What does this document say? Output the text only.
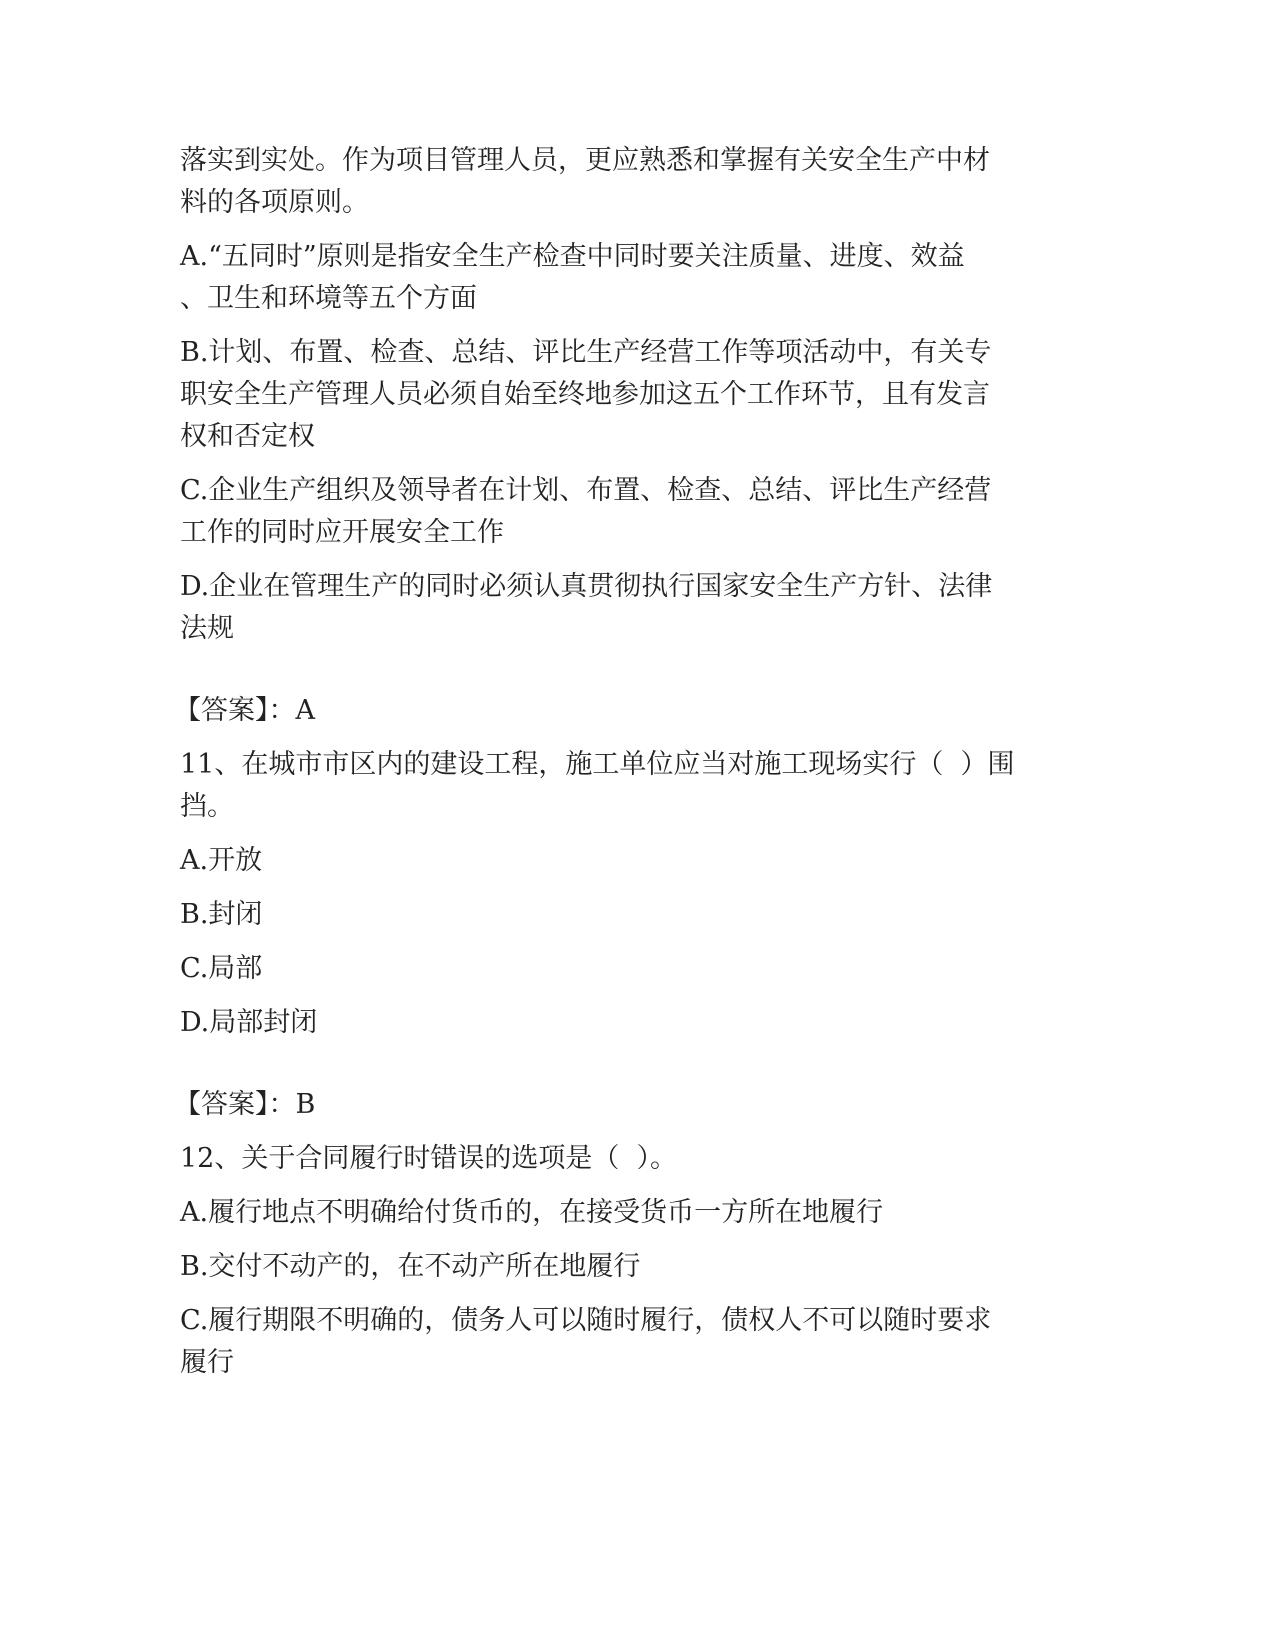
落实到实处。作为项目管理人员，更应熟悉和掌握有关安全生产中材
料的各项原则。
A.“五同时”原则是指安全生产检查中同时要关注质量、进度、效益
、卫生和环境等五个方面
B.计划、布置、检查、总结、评比生产经营工作等项活动中，有关专
职安全生产管理人员必须自始至终地参加这五个工作环节，且有发言
权和否定权
C.企业生产组织及领导者在计划、布置、检查、总结、评比生产经营
工作的同时应开展安全工作
D.企业在管理生产的同时必须认真贯彻执行国家安全生产方针、法律
法规
【答案】：A
11、在城市市区内的建设工程，施工单位应当对施工现场实行（  ）围
挡。
A.开放
B.封闭
C.局部
D.局部封闭
【答案】：B
12、关于合同履行时错误的选项是（  ）。
A.履行地点不明确给付货币的，在接受货币一方所在地履行
B.交付不动产的，在不动产所在地履行
C.履行期限不明确的，债务人可以随时履行，债权人不可以随时要求
履行
